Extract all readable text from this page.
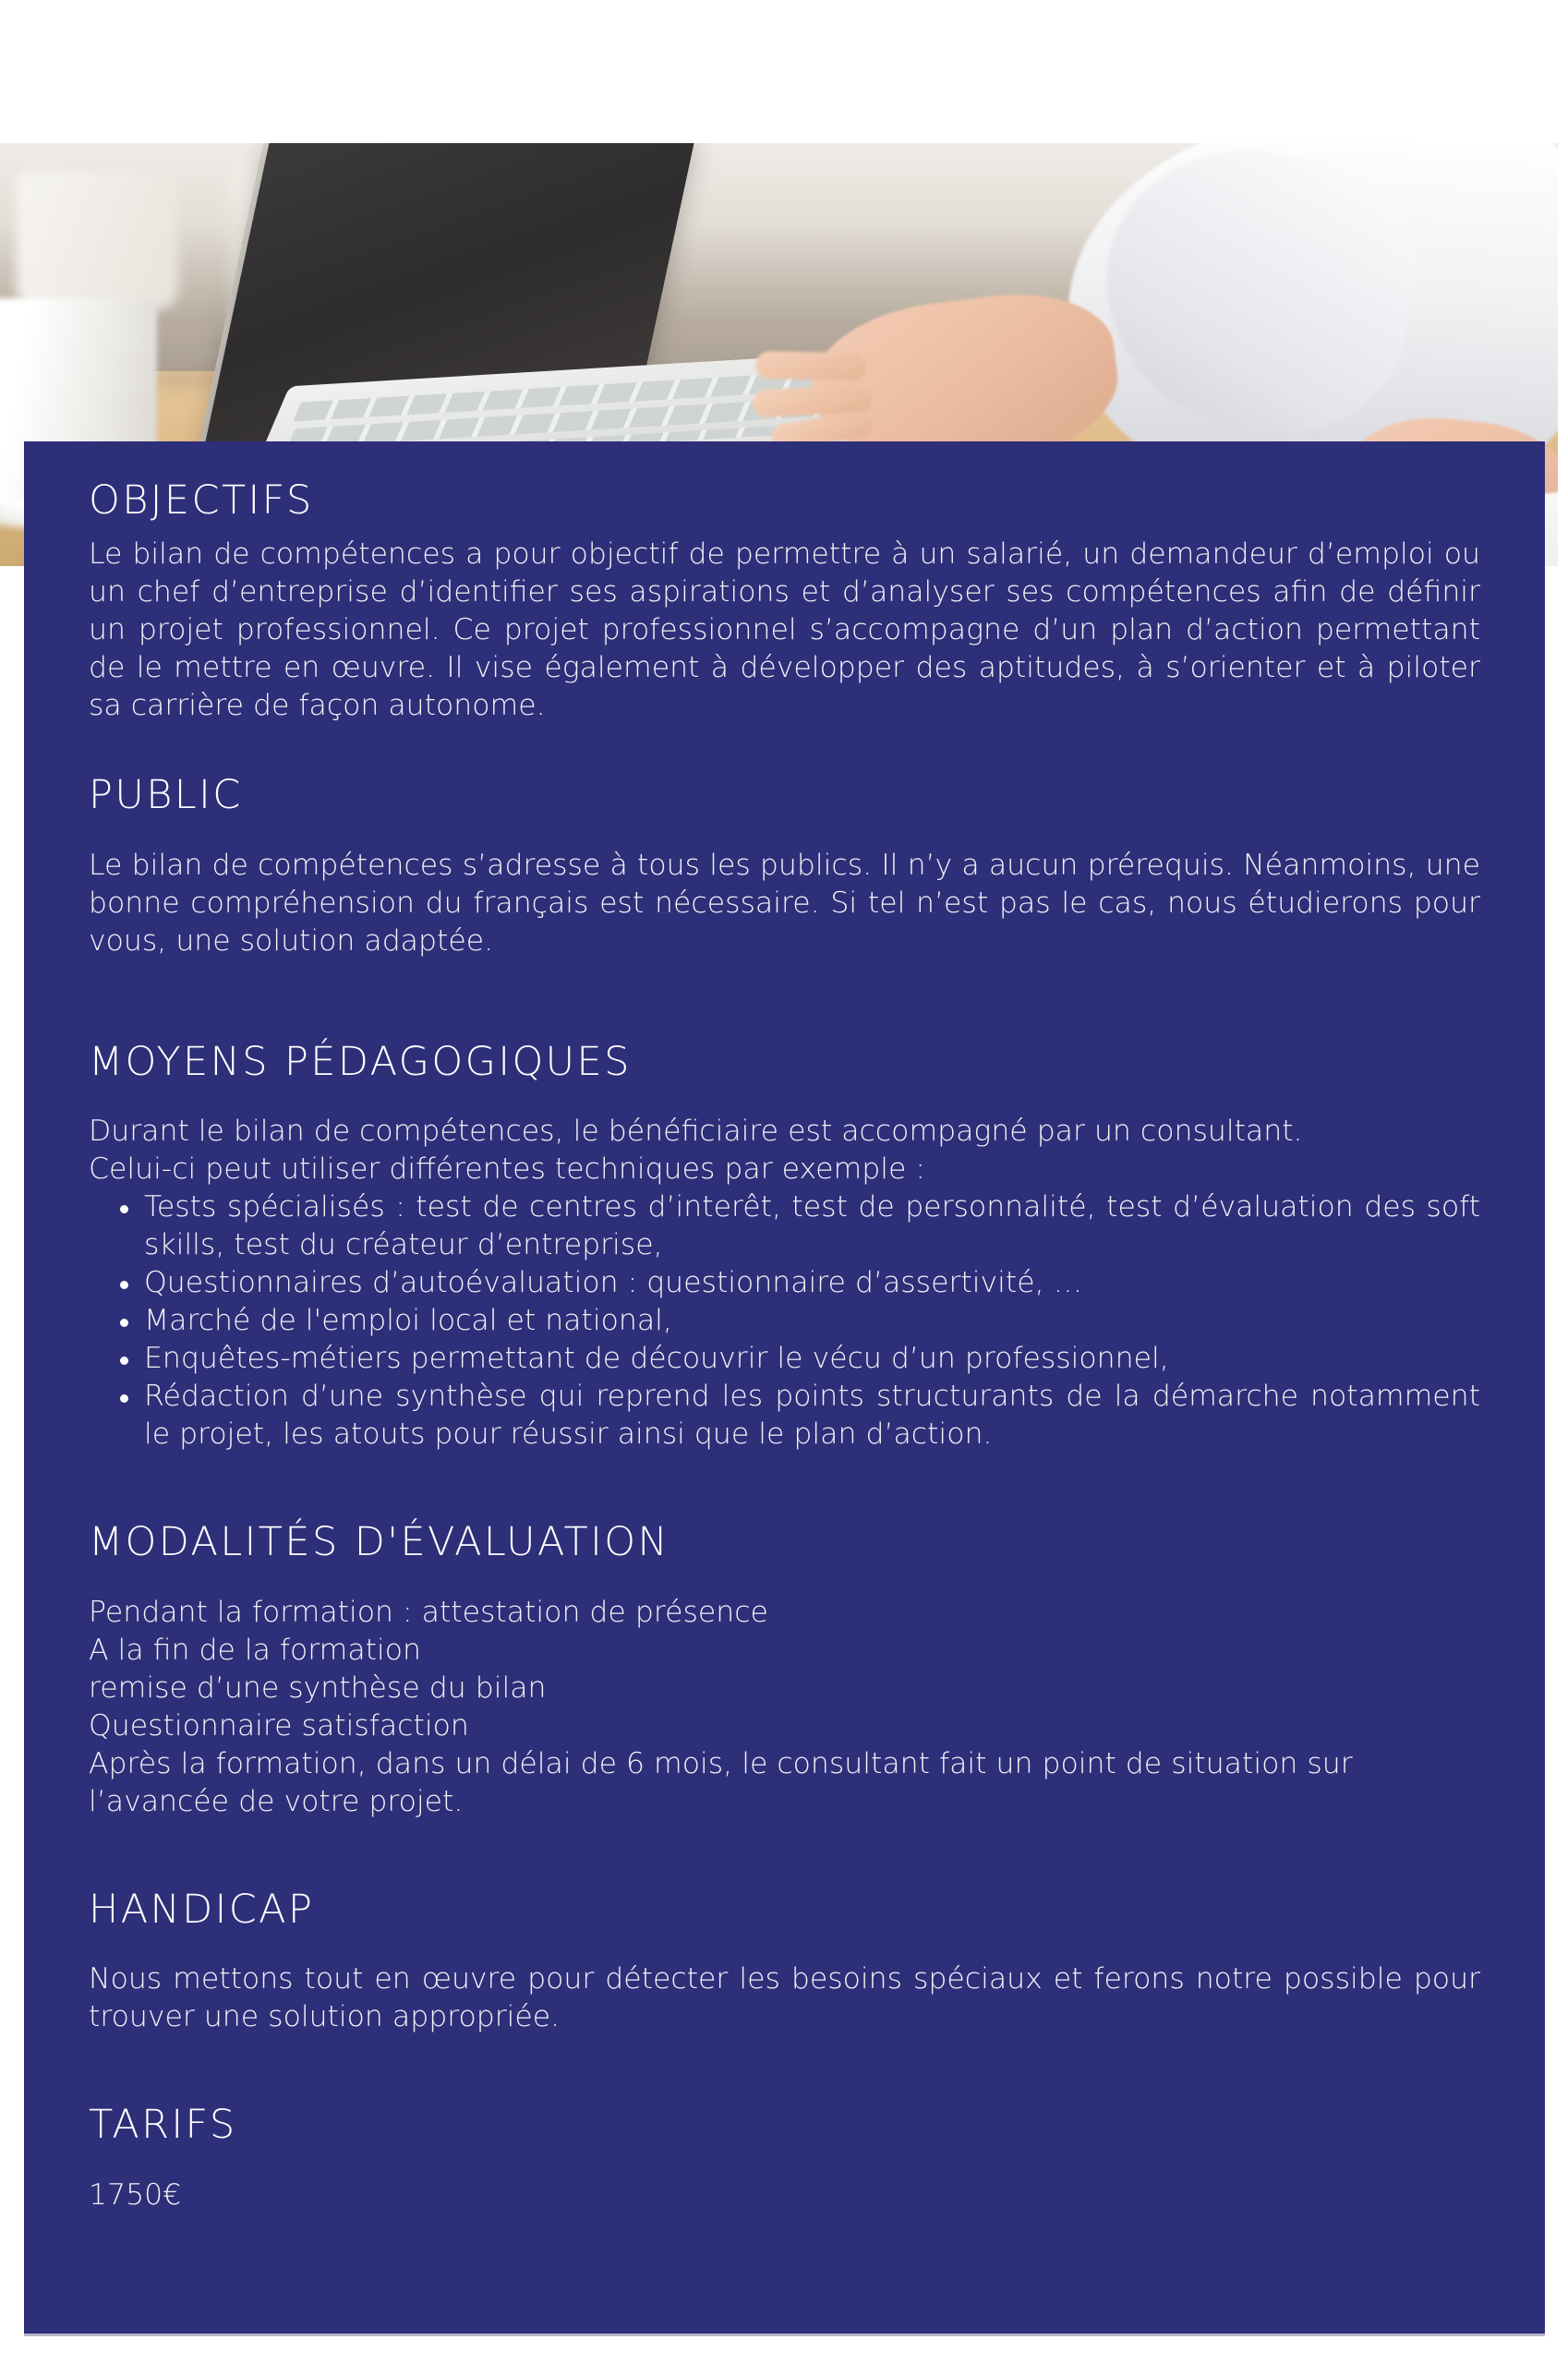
OBJECTIFS

Le bilan de compétences a pour objectif de permettre à un salarié, un demandeur d’emploi ou un chef d’entreprise d’identifier ses aspirations et d’analyser ses compétences afin de définir un projet professionnel. Ce projet professionnel s’accompagne d’un plan d’action permettant de le mettre en œuvre. Il vise également à développer des aptitudes, à s’orienter et à piloter sa carrière de façon autonome.

PUBLIC

Le bilan de compétences s’adresse à tous les publics. Il n’y a aucun prérequis. Néanmoins, une bonne compréhension du français est nécessaire. Si tel n’est pas le cas, nous étudierons pour vous, une solution adaptée.

MOYENS PÉDAGOGIQUES

Durant le bilan de compétences, le bénéficiaire est accompagné par un consultant.

Celui-ci peut utiliser différentes techniques par exemple :

Tests spécialisés : test de centres d’interêt, test de personnalité, test d’évaluation des soft skills, test du créateur d’entreprise,
Questionnaires d’autoévaluation : questionnaire d’assertivité, …
Marché de l'emploi local et national,
Enquêtes-métiers permettant de découvrir le vécu d’un professionnel,
Rédaction d’une synthèse qui reprend les points structurants de la démarche notamment le projet, les atouts pour réussir ainsi que le plan d’action.
MODALITÉS D'ÉVALUATION

Pendant la formation : attestation de présence

A la fin de la formation

remise d’une synthèse du bilan

Questionnaire satisfaction

Après la formation, dans un délai de 6 mois, le consultant fait un point de situation sur l’avancée de votre projet.

HANDICAP

Nous mettons tout en œuvre pour détecter les besoins spéciaux et ferons notre possible pour trouver une solution appropriée.

TARIFS

1750€
